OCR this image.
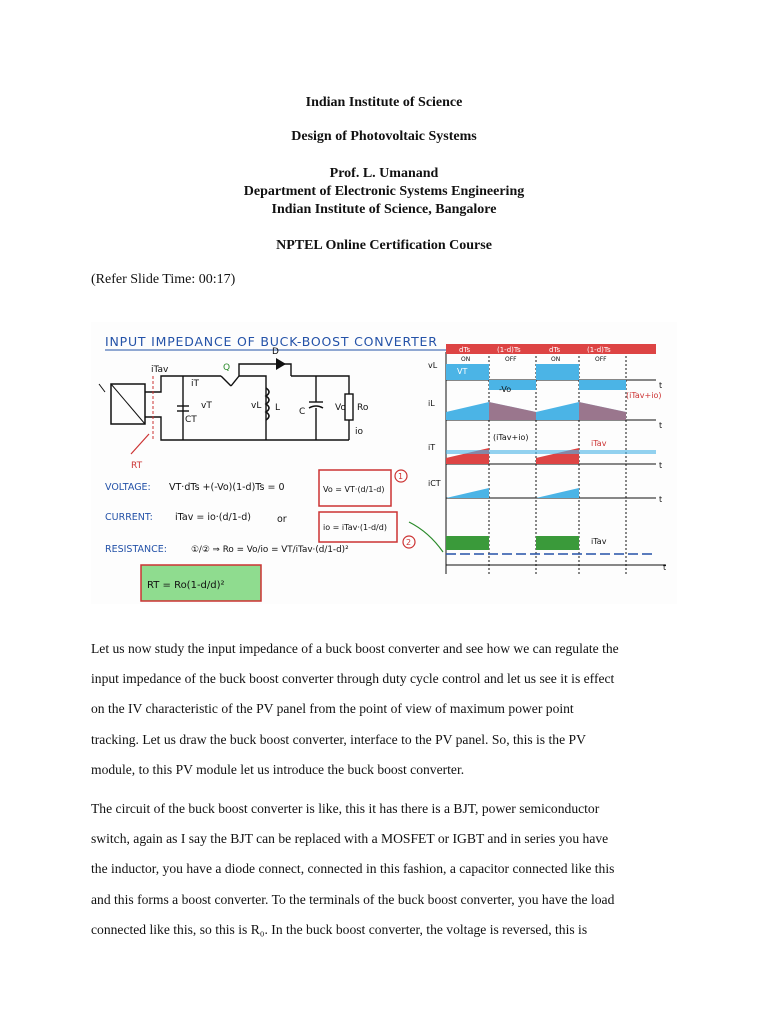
Indian Institute of Science
Design of Photovoltaic Systems
Prof. L. Umanand
Department of Electronic Systems Engineering
Indian Institute of Science, Bangalore
NPTEL Online Certification Course
(Refer Slide Time: 00:17)
INPUT IMPEDANCE OF BUCK-BOOST CONVERTER
iTav	Q
iT
vT
CT
D
vL L C	Vo Ro
io
RT
VOLTAGE: VT·dTs +(-Vo)(1-d)Ts = 0
CURRENT: iTav = io·(d/1-d)	or
RESISTANCE:	①/② ⇒ Ro = Vo/io = VT/iTav·(d/1-d)²
Vo = VT·(d/1-d)
io = iTav·(1-d/d)
1
2
RT = Ro(1-d/d)²
dTs	(1-d)Ts	dTs	(1-d)Ts
ON	OFF	ON	OFF
vL
iL
iT
iCT
VT
-Vo
(iTav+io)
(iTav+io)
iTav
iTav
t
t
t
t
t

Let us now study the input impedance of a buck boost converter and see how we can regulate the
input impedance of the buck boost converter through duty cycle control and let us see it is effect
on the IV characteristic of the PV panel from the point of view of maximum power point
tracking. Let us draw the buck boost converter, interface to the PV panel. So, this is the PV
module, to this PV module let us introduce the buck boost converter.

The circuit of the buck boost converter is like, this it has there is a BJT, power semiconductor
switch, again as I say the BJT can be replaced with a MOSFET or IGBT and in series you have
the inductor, you have a diode connect, connected in this fashion, a capacitor connected like this
and this forms a boost converter. To the terminals of the buck boost converter, you have the load
connected like this, so this is R₀. In the buck boost converter, the voltage is reversed, this is
